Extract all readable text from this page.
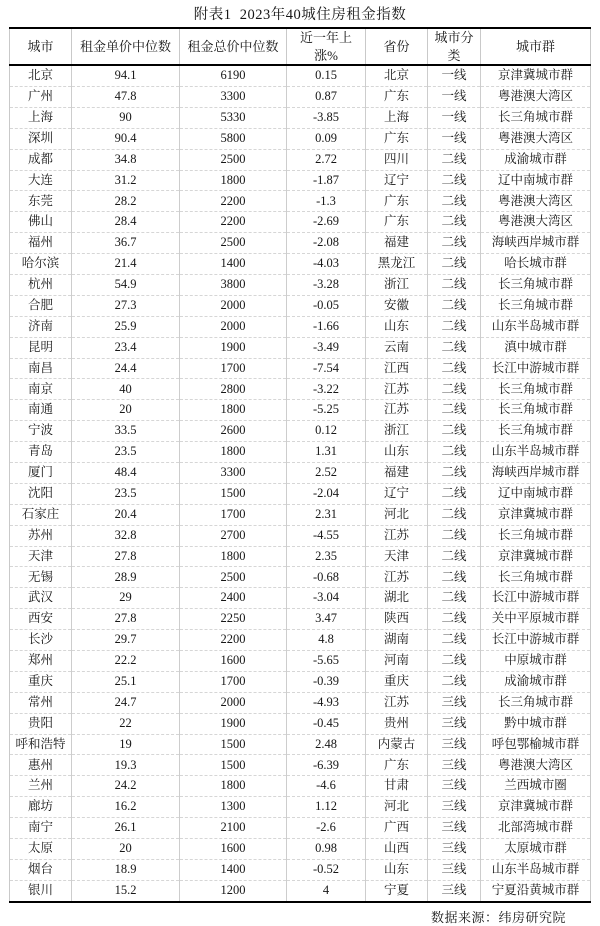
附表1  2023年40城住房租金指数
城市	租金单价中位数	租金总价中位数	近一年上涨%	省份	城市分类	城市群
北京	94.1	6190	0.15	北京	一线	京津冀城市群
广州	47.8	3300	0.87	广东	一线	粤港澳大湾区
上海	90	5330	-3.85	上海	一线	长三角城市群
深圳	90.4	5800	0.09	广东	一线	粤港澳大湾区
成都	34.8	2500	2.72	四川	二线	成渝城市群
大连	31.2	1800	-1.87	辽宁	二线	辽中南城市群
东莞	28.2	2200	-1.3	广东	二线	粤港澳大湾区
佛山	28.4	2200	-2.69	广东	二线	粤港澳大湾区
福州	36.7	2500	-2.08	福建	二线	海峡西岸城市群
哈尔滨	21.4	1400	-4.03	黑龙江	二线	哈长城市群
杭州	54.9	3800	-3.28	浙江	二线	长三角城市群
合肥	27.3	2000	-0.05	安徽	二线	长三角城市群
济南	25.9	2000	-1.66	山东	二线	山东半岛城市群
昆明	23.4	1900	-3.49	云南	二线	滇中城市群
南昌	24.4	1700	-7.54	江西	二线	长江中游城市群
南京	40	2800	-3.22	江苏	二线	长三角城市群
南通	20	1800	-5.25	江苏	二线	长三角城市群
宁波	33.5	2600	0.12	浙江	二线	长三角城市群
青岛	23.5	1800	1.31	山东	二线	山东半岛城市群
厦门	48.4	3300	2.52	福建	二线	海峡西岸城市群
沈阳	23.5	1500	-2.04	辽宁	二线	辽中南城市群
石家庄	20.4	1700	2.31	河北	二线	京津冀城市群
苏州	32.8	2700	-4.55	江苏	二线	长三角城市群
天津	27.8	1800	2.35	天津	二线	京津冀城市群
无锡	28.9	2500	-0.68	江苏	二线	长三角城市群
武汉	29	2400	-3.04	湖北	二线	长江中游城市群
西安	27.8	2250	3.47	陕西	二线	关中平原城市群
长沙	29.7	2200	4.8	湖南	二线	长江中游城市群
郑州	22.2	1600	-5.65	河南	二线	中原城市群
重庆	25.1	1700	-0.39	重庆	二线	成渝城市群
常州	24.7	2000	-4.93	江苏	三线	长三角城市群
贵阳	22	1900	-0.45	贵州	三线	黔中城市群
呼和浩特	19	1500	2.48	内蒙古	三线	呼包鄂榆城市群
惠州	19.3	1500	-6.39	广东	三线	粤港澳大湾区
兰州	24.2	1800	-4.6	甘肃	三线	兰西城市圈
廊坊	16.2	1300	1.12	河北	三线	京津冀城市群
南宁	26.1	2100	-2.6	广西	三线	北部湾城市群
太原	20	1600	0.98	山西	三线	太原城市群
烟台	18.9	1400	-0.52	山东	三线	山东半岛城市群
银川	15.2	1200	4	宁夏	三线	宁夏沿黄城市群
数据来源：纬房研究院
